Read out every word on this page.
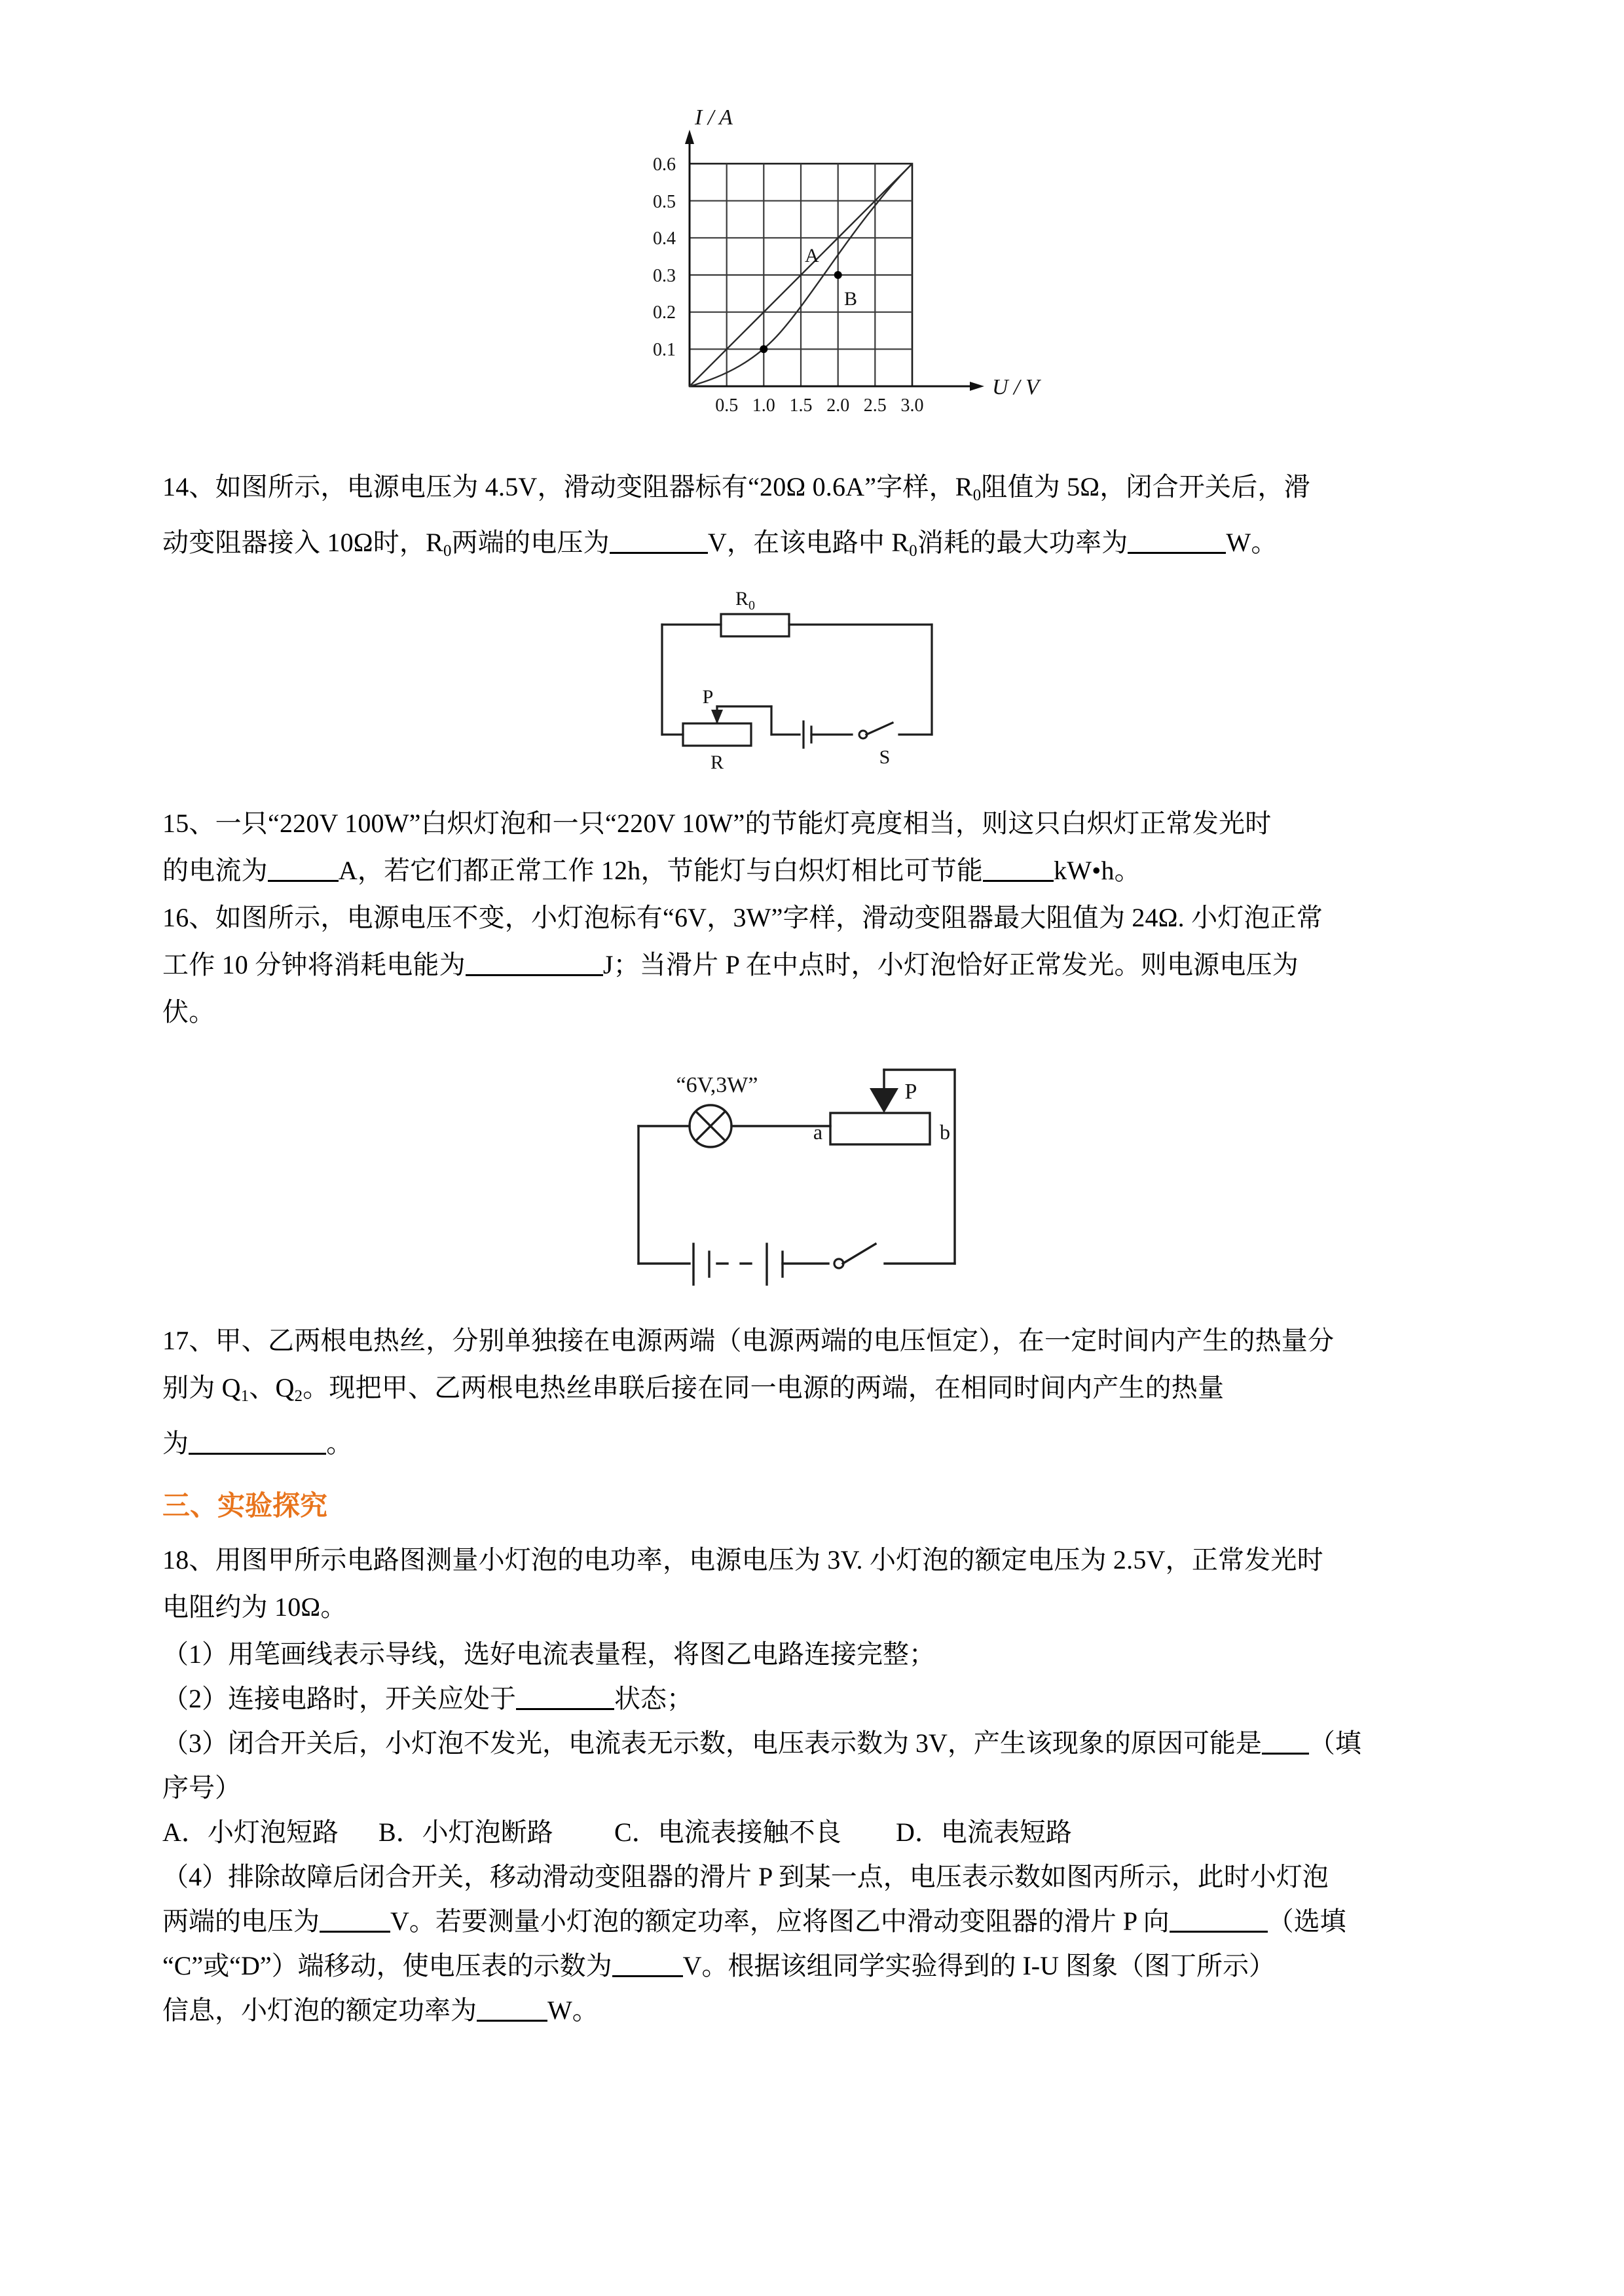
A
B
I / A
U / V
0.1
0.2
0.3
0.4
0.5
0.6
0.5 1.0 1.5 2.0 2.5 3.0

14、如图所示，电源电压为 4.5V，滑动变阻器标有“20Ω 0.6A”字样，$R_0$阻值为 5Ω，闭合开关后，滑

动变阻器接入 10Ω时，$R_0$两端的电压为	V，在该电路中 $R_0$消耗的最大功率为	W。

$R_0$
P
R	S

15、一只“220V 100W”白炽灯泡和一只“220V 10W”的节能灯亮度相当，则这只白炽灯正常发光时

的电流为	A，若它们都正常工作 12h，节能灯与白炽灯相比可节能	kW•h。

16、如图所示，电源电压不变，小灯泡标有“6V，3W”字样，滑动变阻器最大阻值为 24Ω. 小灯泡正常

工作 10 分钟将消耗电能为	J；当滑片 P 在中点时，小灯泡恰好正常发光。则电源电压为

伏。

“6V,3W”	P
a	b

17、甲、乙两根电热丝，分别单独接在电源两端（电源两端的电压恒定），在一定时间内产生的热量分

别为 $Q_1$、$Q_2$。现把甲、乙两根电热丝串联后接在同一电源的两端，在相同时间内产生的热量

为	。

三、实验探究

18、用图甲所示电路图测量小灯泡的电功率，电源电压为 3V. 小灯泡的额定电压为 2.5V，正常发光时

电阻约为 10Ω。

（1）用笔画线表示导线，选好电流表量程，将图乙电路连接完整；

（2）连接电路时，开关应处于	状态；

（3）闭合开关后，小灯泡不发光，电流表无示数，电压表示数为 3V，产生该现象的原因可能是 （填

序号）

A．小灯泡短路	B．小灯泡断路	C．电流表接触不良	D．电流表短路

（4）排除故障后闭合开关，移动滑动变阻器的滑片 P 到某一点，电压表示数如图丙所示，此时小灯泡

两端的电压为	V。若要测量小灯泡的额定功率，应将图乙中滑动变阻器的滑片 P 向	（选填

“C”或“D”）端移动，使电压表的示数为	V。根据该组同学实验得到的 I-U 图象（图丁所示）

信息，小灯泡的额定功率为	W。
